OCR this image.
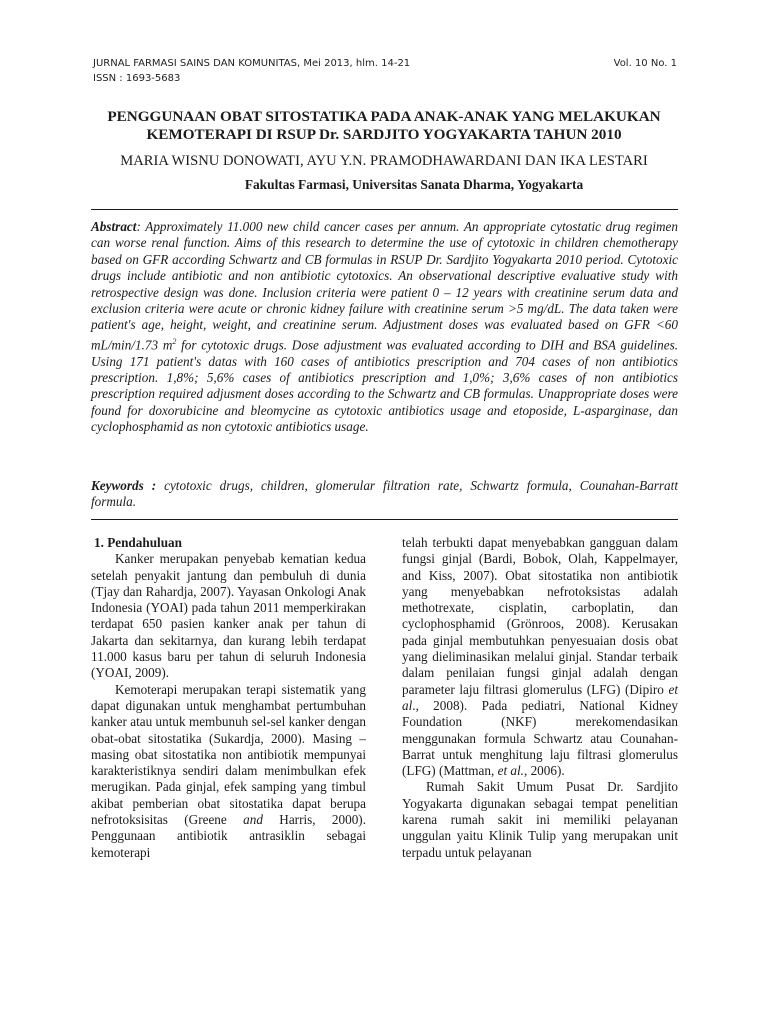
JURNAL FARMASI SAINS DAN KOMUNITAS, Mei 2013, hlm. 14-21
ISSN : 1693-5683
Vol. 10 No. 1
PENGGUNAAN OBAT SITOSTATIKA PADA ANAK-ANAK YANG MELAKUKAN
KEMOTERAPI DI RSUP Dr. SARDJITO YOGYAKARTA TAHUN 2010
MARIA WISNU DONOWATI, AYU Y.N. PRAMODHAWARDANI DAN IKA LESTARI
Fakultas Farmasi, Universitas Sanata Dharma, Yogyakarta
Abstract: Approximately 11.000 new child cancer cases per annum. An appropriate cytostatic drug regimen can worse renal function. Aims of this research to determine the use of cytotoxic in children chemotherapy based on GFR according Schwartz and CB formulas in RSUP Dr. Sardjito Yogyakarta 2010 period. Cytotoxic drugs include antibiotic and non antibiotic cytotoxics. An observational descriptive evaluative study with retrospective design was done. Inclusion criteria were patient 0 – 12 years with creatinine serum data and exclusion criteria were acute or chronic kidney failure with creatinine serum >5 mg/dL. The data taken were patient's age, height, weight, and creatinine serum. Adjustment doses was evaluated based on GFR <60 mL/min/1.73 $m^2$ for cytotoxic drugs. Dose adjustment was evaluated according to DIH and BSA guidelines. Using 171 patient's datas with 160 cases of antibiotics prescription and 704 cases of non antibiotics prescription. 1,8%; 5,6% cases of antibiotics prescription and 1,0%; 3,6% cases of non antibiotics prescription required adjusment doses according to the Schwartz and CB formulas. Unappropriate doses were found for doxorubicine and bleomycine as cytotoxic antibiotics usage and etoposide, L-asparginase, dan cyclophosphamid as non cytotoxic antibiotics usage.
Keywords : cytotoxic drugs, children, glomerular filtration rate, Schwartz formula, Counahan-Barratt formula.
1. Pendahuluan

Kanker merupakan penyebab kematian kedua setelah penyakit jantung dan pembuluh di dunia (Tjay dan Rahardja, 2007). Yayasan Onkologi Anak Indonesia (YOAI) pada tahun 2011 memperkirakan terdapat 650 pasien kanker anak per tahun di Jakarta dan sekitarnya, dan kurang lebih terdapat 11.000 kasus baru per tahun di seluruh Indonesia (YOAI, 2009).

Kemoterapi merupakan terapi sistematik yang dapat digunakan untuk menghambat pertumbuhan kanker atau untuk membunuh sel-sel kanker dengan obat-obat sitostatika (Sukardja, 2000). Masing – masing obat sitostatika non antibiotik mempunyai karakteristiknya sendiri dalam menimbulkan efek merugikan. Pada ginjal, efek samping yang timbul akibat pemberian obat sitostatika dapat berupa nefrotoksisitas (Greene and Harris, 2000). Penggunaan antibiotik antrasiklin sebagai kemoterapi

telah terbukti dapat menyebabkan gangguan dalam fungsi ginjal (Bardi, Bobok, Olah, Kappelmayer, and Kiss, 2007). Obat sitostatika non antibiotik yang menyebabkan nefrotoksistas adalah methotrexate, cisplatin, carboplatin, dan cyclophosphamid (Grönroos, 2008). Kerusakan pada ginjal membutuhkan penyesuaian dosis obat yang dieliminasikan melalui ginjal. Standar terbaik dalam penilaian fungsi ginjal adalah dengan parameter laju filtrasi glomerulus (LFG) (Dipiro et al., 2008). Pada pediatri, National Kidney Foundation (NKF) merekomendasikan menggunakan formula Schwartz atau Counahan-Barrat untuk menghitung laju filtrasi glomerulus (LFG) (Mattman, et al., 2006).

Rumah Sakit Umum Pusat Dr. Sardjito Yogyakarta digunakan sebagai tempat penelitian karena rumah sakit ini memiliki pelayanan unggulan yaitu Klinik Tulip yang merupakan unit terpadu untuk pelayanan
